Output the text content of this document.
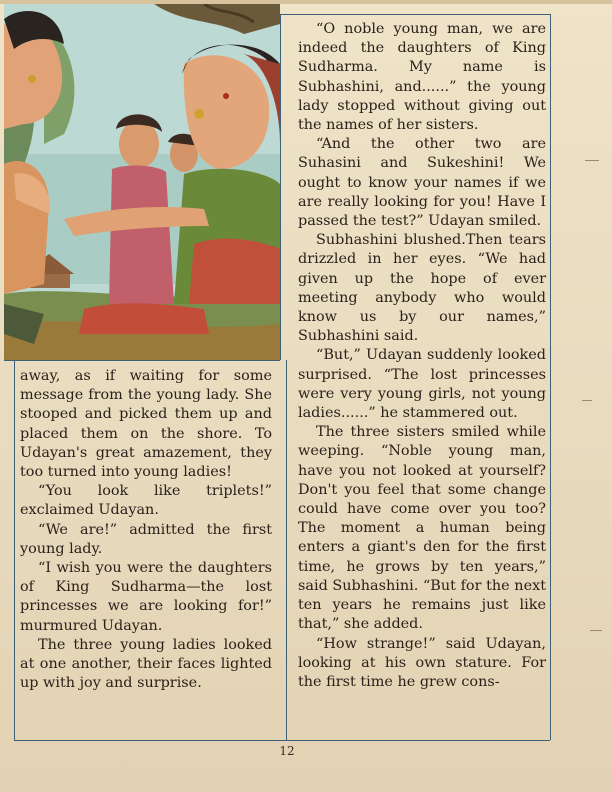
away, as if waiting for some message from the young lady. She stooped and picked them up and placed them on the shore. To Udayan's great amazement, they too turned into young ladies!

“You look like triplets!” exclaimed Udayan.

“We are!” admitted the first young lady.

“I wish you were the daughters of King Sudharma—the lost princesses we are looking for!” murmured Udayan.

The three young ladies looked at one another, their faces lighted up with joy and surprise.

“O noble young man, we are indeed the daughters of King Sudharma. My name is Subhashini, and......” the young lady stopped without giving out the names of her sisters.

“And the other two are Suhasini and Sukeshini! We ought to know your names if we are really looking for you! Have I passed the test?” Udayan smiled.

Subhashini blushed.Then tears drizzled in her eyes. “We had given up the hope of ever meeting anybody who would know us by our names,” Subhashini said.

“But,” Udayan suddenly looked surprised. “The lost princesses were very young girls, not young ladies......” he stammered out.

The three sisters smiled while weeping. “Noble young man, have you not looked at yourself? Don't you feel that some change could have come over you too? The moment a human being enters a giant's den for the first time, he grows by ten years,” said Subhashini. “But for the next ten years he remains just like that,” she added.

“How strange!” said Udayan, looking at his own stature. For the first time he grew cons-

12
